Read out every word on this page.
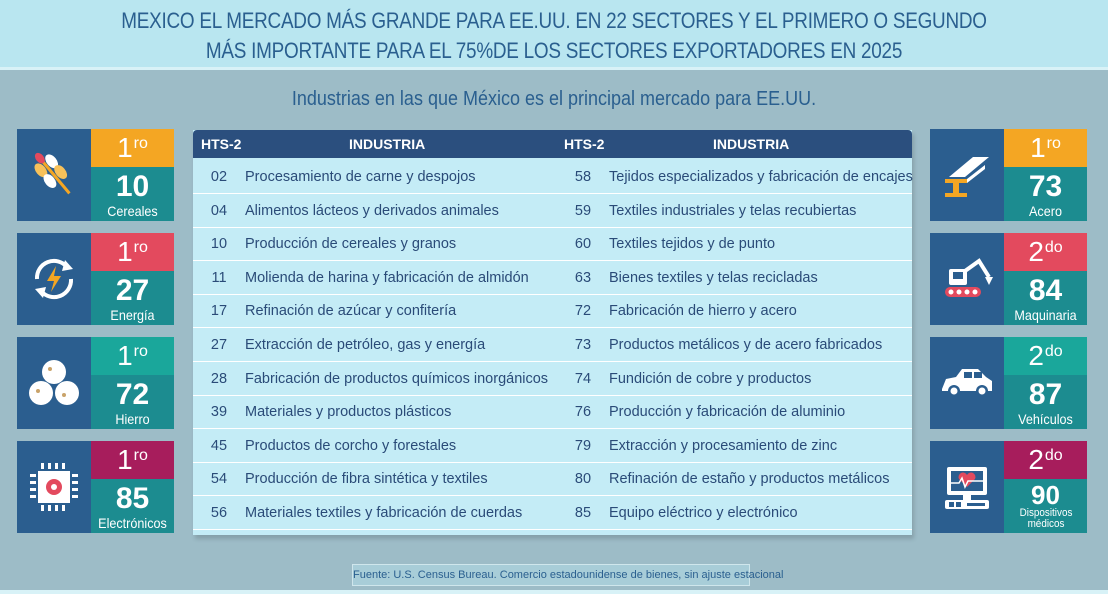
MEXICO EL MERCADO MÁS GRANDE PARA EE.UU. EN 22 SECTORES Y EL PRIMERO O SEGUNDO
MÁS IMPORTANTE PARA EL 75%DE LOS SECTORES EXPORTADORES EN 2025
Industrias en las que México es el principal mercado para EE.UU.
$1^{ro}$
10
Cereales
$1^{ro}$
27
Energía
$1^{ro}$
72
Hierro
$1^{ro}$
85
Electrónicos
$1^{ro}$
73
Acero
$2^{do}$
84
Maquinaria
$2^{do}$
87
Vehículos
$2^{do}$
90
Dispositivos médicos
HTS-2	INDUSTRIA	HTS-2	INDUSTRIA
02	Procesamiento de carne y despojos	58	Tejidos especializados y fabricación de encajes
04	Alimentos lácteos y derivados animales	59	Textiles industriales y telas recubiertas
10	Producción de cereales y granos	60	Textiles tejidos y de punto
11	Molienda de harina y fabricación de almidón	63	Bienes textiles y telas recicladas
17	Refinación de azúcar y confitería	72	Fabricación de hierro y acero
27	Extracción de petróleo, gas y energía	73	Productos metálicos y de acero fabricados
28	Fabricación de productos químicos inorgánicos	74	Fundición de cobre y productos
39	Materiales y productos plásticos	76	Producción y fabricación de aluminio
45	Productos de corcho y forestales	79	Extracción y procesamiento de zinc
54	Producción de fibra sintética y textiles	80	Refinación de estaño y productos metálicos
56	Materiales textiles y fabricación de cuerdas	85	Equipo eléctrico y electrónico
Fuente: U.S. Census Bureau. Comercio estadounidense de bienes, sin ajuste estacional
